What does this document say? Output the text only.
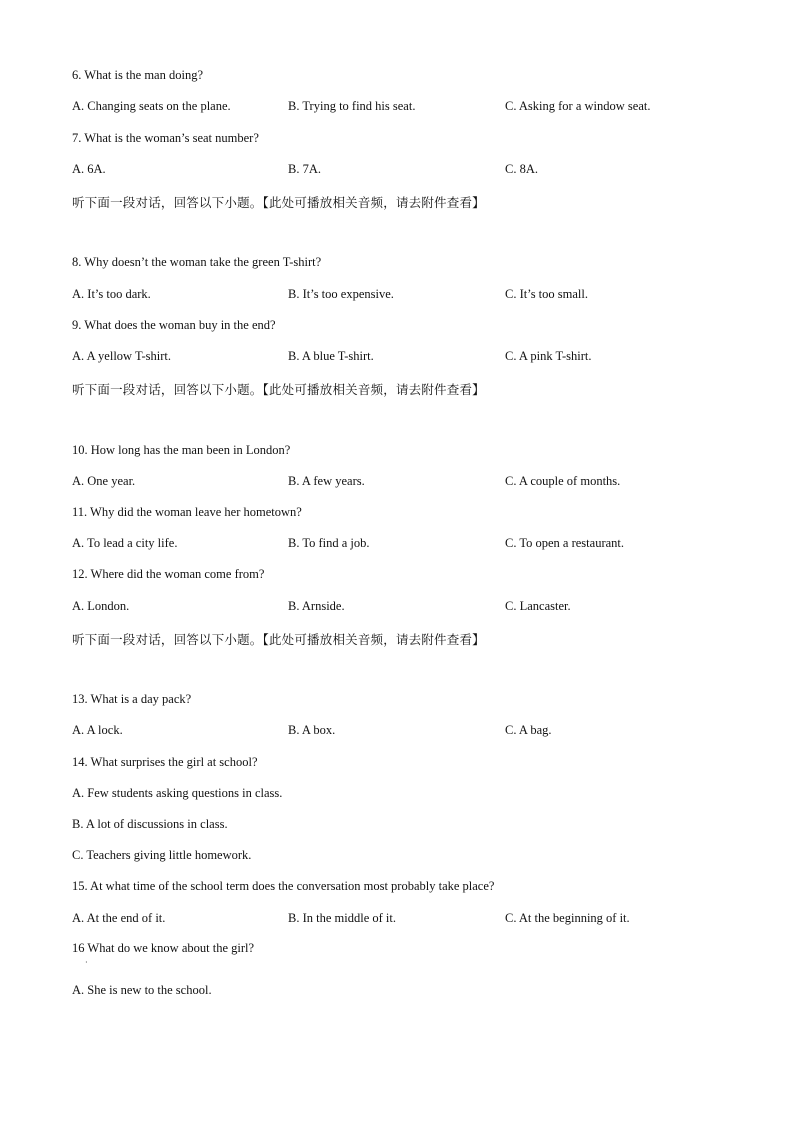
6. What is the man doing?
A. Changing seats on the plane.	B. Trying to find his seat.	C. Asking for a window seat.
7. What is the woman’s seat number?
A. 6A.	B. 7A.	C. 8A.
听下面一段对话，回答以下小题。【此处可播放相关音频，请去附件查看】
8. Why doesn’t the woman take the green T-shirt?
A. It’s too dark.	B. It’s too expensive.	C. It’s too small.
9. What does the woman buy in the end?
A. A yellow T-shirt.	B. A blue T-shirt.	C. A pink T-shirt.
听下面一段对话，回答以下小题。【此处可播放相关音频，请去附件查看】
10. How long has the man been in London?
A. One year.	B. A few years.	C. A couple of months.
11. Why did the woman leave her hometown?
A. To lead a city life.	B. To find a job.	C. To open a restaurant.
12. Where did the woman come from?
A. London.	B. Arnside.	C. Lancaster.
听下面一段对话，回答以下小题。【此处可播放相关音频，请去附件查看】
13. What is a day pack?
A. A lock.	B. A box.	C. A bag.
14. What surprises the girl at school?
A. Few students asking questions in class.
B. A lot of discussions in class.
C. Teachers giving little homework.
15. At what time of the school term does the conversation most probably take place?
A. At the end of it.	B. In the middle of it.	C. At the beginning of it.
16 What do we know about the girl?
·
A. She is new to the school.
